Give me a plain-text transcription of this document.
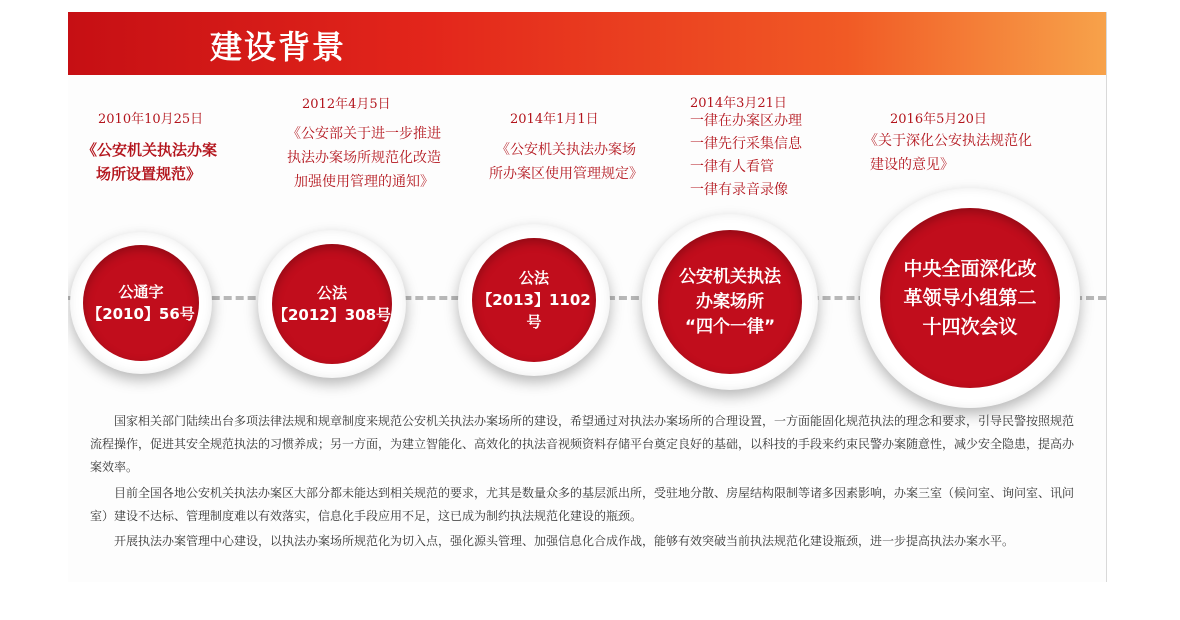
建设背景
2010年10月25日
《公安机关执法办案
场所设置规范》
公通字
【2010】56号
2012年4月5日
《公安部关于进一步推进
执法办案场所规范化改造
加强使用管理的通知》
公法
【2012】308号
2014年1月1日
《公安机关执法办案场
所办案区使用管理规定》
公法
【2013】1102号
2014年3月21日
一律在办案区办理
一律先行采集信息
一律有人看管
一律有录音录像
公安机关执法
办案场所
“四个一律”
2016年5月20日
《关于深化公安执法规范化
建设的意见》
中央全面深化改
革领导小组第二
十四次会议
国家相关部门陆续出台多项法律法规和规章制度来规范公安机关执法办案场所的建设，希望通过对执法办案场所的合理设置，一方面能固化规范执法的理念和要求，引导民警按照规范流程操作，促进其安全规范执法的习惯养成；另一方面，为建立智能化、高效化的执法音视频资料存储平台奠定良好的基础，以科技的手段来约束民警办案随意性，减少安全隐患，提高办案效率。
目前全国各地公安机关执法办案区大部分都未能达到相关规范的要求，尤其是数量众多的基层派出所，受驻地分散、房屋结构限制等诸多因素影响，办案三室（候问室、询问室、讯问室）建设不达标、管理制度难以有效落实，信息化手段应用不足，这已成为制约执法规范化建设的瓶颈。
开展执法办案管理中心建设，以执法办案场所规范化为切入点，强化源头管理、加强信息化合成作战，能够有效突破当前执法规范化建设瓶颈，进一步提高执法办案水平。
